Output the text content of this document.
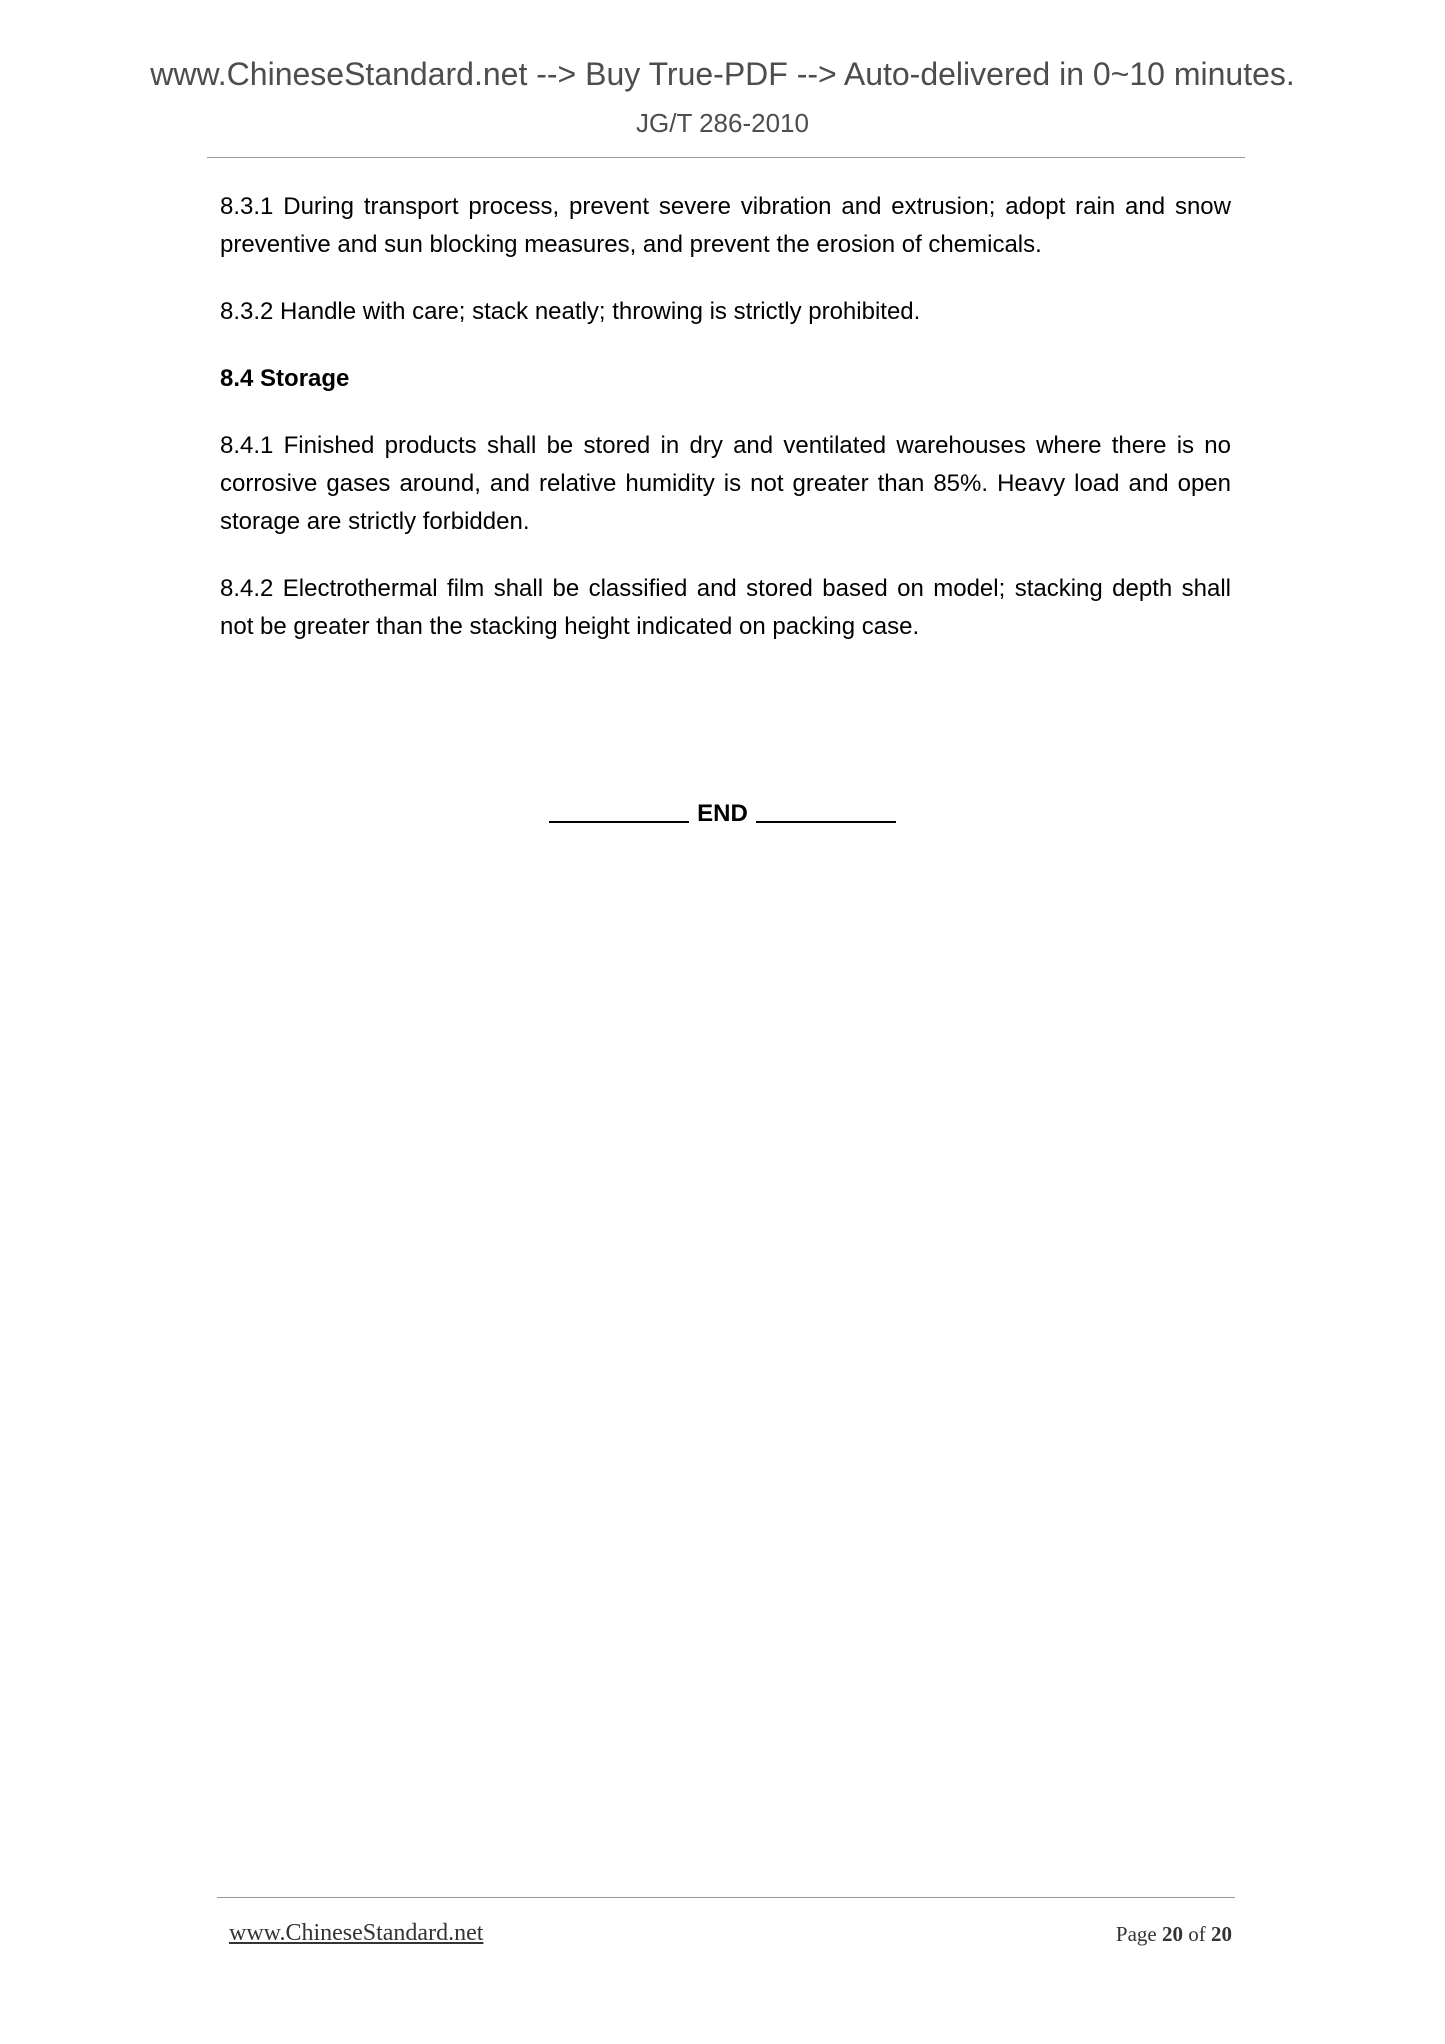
www.ChineseStandard.net --> Buy True-PDF --> Auto-delivered in 0~10 minutes.
JG/T 286-2010

8.3.1 During transport process, prevent severe vibration and extrusion; adopt rain and snow preventive and sun blocking measures, and prevent the erosion of chemicals.

8.3.2 Handle with care; stack neatly; throwing is strictly prohibited.

8.4 Storage

8.4.1 Finished products shall be stored in dry and ventilated warehouses where there is no corrosive gases around, and relative humidity is not greater than 85%. Heavy load and open storage are strictly forbidden.

8.4.2 Electrothermal film shall be classified and stored based on model; stacking depth shall not be greater than the stacking height indicated on packing case.

END
www.ChineseStandard.net	Page 20 of 20
